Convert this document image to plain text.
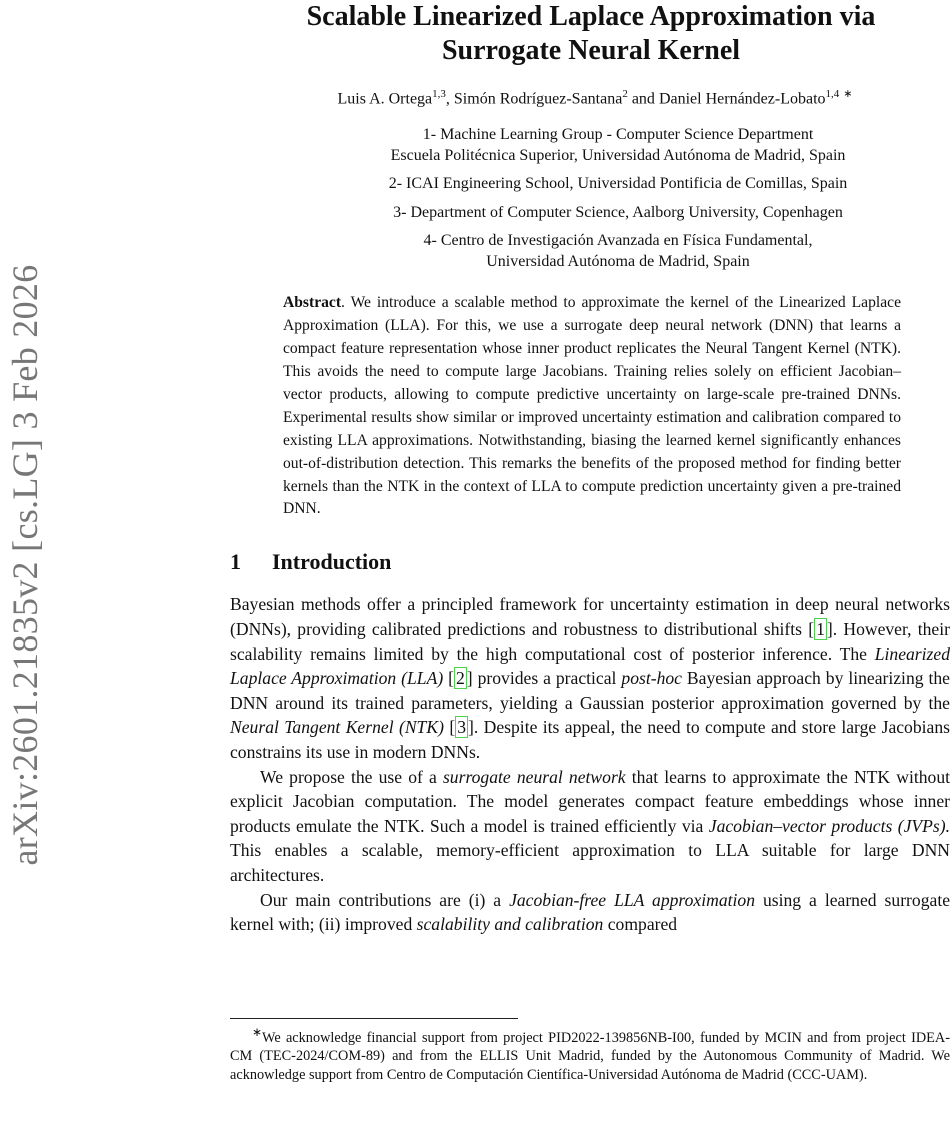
arXiv:2601.21835v2 [cs.LG] 3 Feb 2026
Scalable Linearized Laplace Approximation via
Surrogate Neural Kernel
Luis A. Ortega$^{1,3}$, Simón Rodríguez-Santana$^2$ and Daniel Hernández-Lobato$^{1,4}$ ∗
1- Machine Learning Group - Computer Science Department
Escuela Politécnica Superior, Universidad Autónoma de Madrid, Spain
2- ICAI Engineering School, Universidad Pontificia de Comillas, Spain
3- Department of Computer Science, Aalborg University, Copenhagen
4- Centro de Investigación Avanzada en Física Fundamental,
Universidad Autónoma de Madrid, Spain
Abstract. We introduce a scalable method to approximate the kernel of the Linearized Laplace Approximation (LLA). For this, we use a surrogate deep neural network (DNN) that learns a compact feature representation whose inner product replicates the Neural Tangent Kernel (NTK). This avoids the need to compute large Jacobians. Training relies solely on efficient Jacobian–vector products, allowing to compute predictive uncertainty on large-scale pre-trained DNNs. Experimental results show similar or improved uncertainty estimation and calibration compared to existing LLA approximations. Notwithstanding, biasing the learned kernel significantly enhances out-of-distribution detection. This remarks the benefits of the proposed method for finding better kernels than the NTK in the context of LLA to compute prediction uncertainty given a pre-trained DNN.
1 Introduction

Bayesian methods offer a principled framework for uncertainty estimation in deep neural networks (DNNs), providing calibrated predictions and robustness to distributional shifts [ 1 ]. However, their scalability remains limited by the high computational cost of posterior inference. The Linearized Laplace Approximation (LLA) [ 2 ] provides a practical post-hoc Bayesian approach by linearizing the DNN around its trained parameters, yielding a Gaussian posterior approximation governed by the Neural Tangent Kernel (NTK) [ 3 ]. Despite its appeal, the need to compute and store large Jacobians constrains its use in modern DNNs.

We propose the use of a surrogate neural network that learns to approximate the NTK without explicit Jacobian computation. The model generates compact feature embeddings whose inner products emulate the NTK. Such a model is trained efficiently via Jacobian–vector products (JVPs). This enables a scalable, memory-efficient approximation to LLA suitable for large DNN architectures.

Our main contributions are (i) a Jacobian-free LLA approximation using a learned surrogate kernel with; (ii) improved scalability and calibration compared

∗We acknowledge financial support from project PID2022-139856NB-I00, funded by MCIN and from project IDEA-CM (TEC-2024/COM-89) and from the ELLIS Unit Madrid, funded by the Autonomous Community of Madrid. We acknowledge support from Centro de Computación Científica-Universidad Autónoma de Madrid (CCC-UAM).
